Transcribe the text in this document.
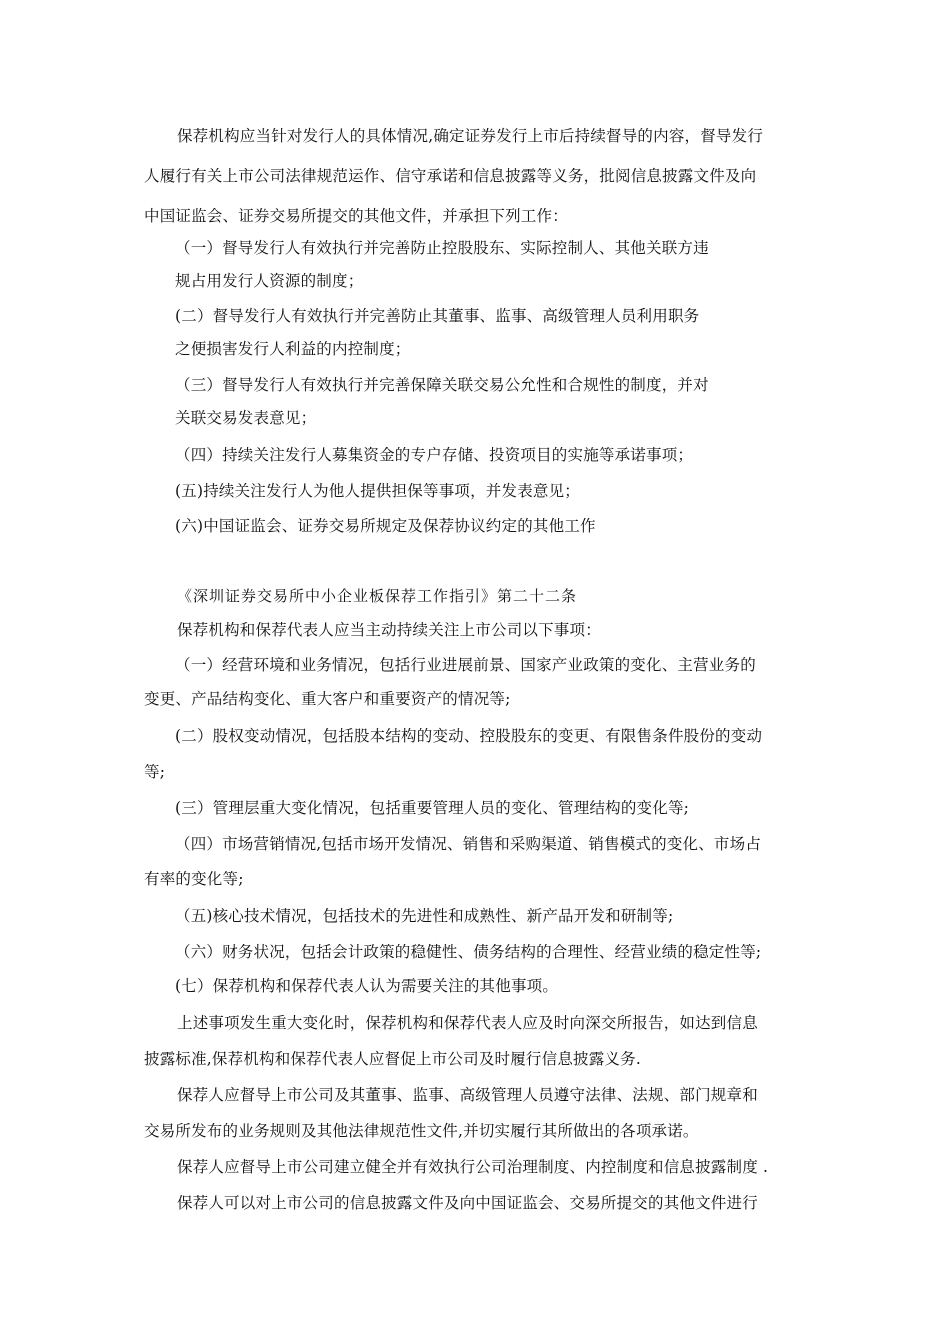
保荐机构应当针对发行人的具体情况,确定证券发行上市后持续督导的内容，督导发行
人履行有关上市公司法律规范运作、信守承诺和信息披露等义务，批阅信息披露文件及向
中国证监会、证券交易所提交的其他文件，并承担下列工作：
（一）督导发行人有效执行并完善防止控股股东、实际控制人、其他关联方违
规占用发行人资源的制度；
(二）督导发行人有效执行并完善防止其董事、监事、高级管理人员利用职务
之便损害发行人利益的内控制度；
（三）督导发行人有效执行并完善保障关联交易公允性和合规性的制度，并对
关联交易发表意见；
（四）持续关注发行人募集资金的专户存储、投资项目的实施等承诺事项；
(五)持续关注发行人为他人提供担保等事项，并发表意见；
(六)中国证监会、证券交易所规定及保荐协议约定的其他工作
《深圳证券交易所中小企业板保荐工作指引》第二十二条
保荐机构和保荐代表人应当主动持续关注上市公司以下事项：
（一）经营环境和业务情况，包括行业进展前景、国家产业政策的变化、主营业务的
变更、产品结构变化、重大客户和重要资产的情况等;
(二）股权变动情况，包括股本结构的变动、控股股东的变更、有限售条件股份的变动
等;
(三）管理层重大变化情况，包括重要管理人员的变化、管理结构的变化等;
（四）市场营销情况,包括市场开发情况、销售和采购渠道、销售模式的变化、市场占
有率的变化等;
（五)核心技术情况，包括技术的先进性和成熟性、新产品开发和研制等;
（六）财务状况，包括会计政策的稳健性、债务结构的合理性、经营业绩的稳定性等;
(七）保荐机构和保荐代表人认为需要关注的其他事项。
上述事项发生重大变化时，保荐机构和保荐代表人应及时向深交所报告，如达到信息
披露标准,保荐机构和保荐代表人应督促上市公司及时履行信息披露义务.
保荐人应督导上市公司及其董事、监事、高级管理人员遵守法律、法规、部门规章和
交易所发布的业务规则及其他法律规范性文件,并切实履行其所做出的各项承诺。
保荐人应督导上市公司建立健全并有效执行公司治理制度、内控制度和信息披露制度 .
保荐人可以对上市公司的信息披露文件及向中国证监会、交易所提交的其他文件进行
